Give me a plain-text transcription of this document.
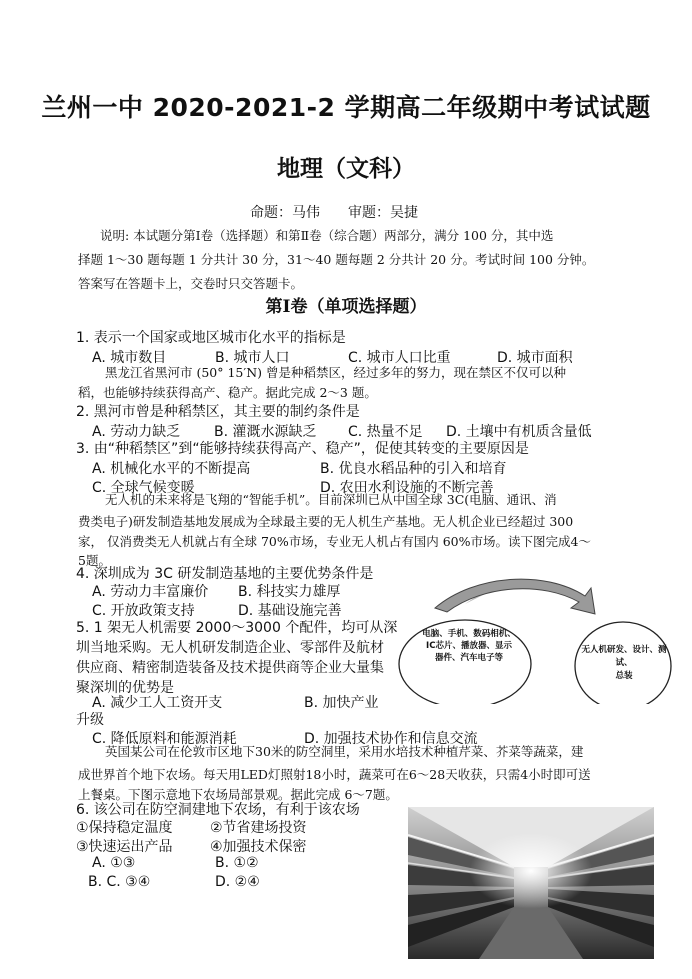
兰州一中 2020-2021-2 学期高二年级期中考试试题
地理（文科）
命题：马伟　　审题：吴捷
说明: 本试题分第Ⅰ卷（选择题）和第Ⅱ卷（综合题）两部分，满分 100 分，其中选
择题 1～30 题每题 1 分共计 30 分，31～40 题每题 2 分共计 20 分。考试时间 100 分钟。
答案写在答题卡上，交卷时只交答题卡。
第Ⅰ卷（单项选择题）
1. 表示一个国家或地区城市化水平的指标是
A. 城市数目	B. 城市人口	C. 城市人口比重	D. 城市面积
黑龙江省黑河市 (50° 15′N) 曾是种稻禁区，经过多年的努力，现在禁区不仅可以种
稻，也能够持续获得高产、稳产。据此完成 2～3 题。
2. 黑河市曾是种稻禁区，其主要的制约条件是
A. 劳动力缺乏 B. 灌溉水源缺乏 C. 热量不足 D. 土壤中有机质含量低
3. 由“种稻禁区”到“能够持续获得高产、稳产”，促使其转变的主要原因是
A. 机械化水平的不断提高	B. 优良水稻品种的引入和培育
C. 全球气候变暖	D. 农田水利设施的不断完善
无人机的未来将是飞翔的“智能手机”。目前深圳已从中国全球 3C(电脑、通讯、消
费类电子)研发制造基地发展成为全球最主要的无人机生产基地。无人机企业已经超过 300
家， 仅消费类无人机就占有全球 70%市场，专业无人机占有国内 60%市场。读下图完成4～
5题。
4. 深圳成为 3C 研发制造基地的主要优势条件是
A. 劳动力丰富廉价 B. 科技实力雄厚
C. 开放政策支持	D. 基础设施完善
5. 1 架无人机需要 2000～3000 个配件，均可从深
圳当地采购。无人机研发制造企业、零部件及航材
供应商、精密制造装备及技术提供商等企业大量集
聚深圳的优势是
A. 减少工人工资开支	B. 加快产业
升级
C. 降低原料和能源消耗	D. 加强技术协作和信息交流
电脑、手机、数码相机、
IC芯片、播放器、显示
器件、汽车电子等
无人机研发、设计、测试、
总装
英国某公司在伦敦市区地下30米的防空洞里，采用水培技术种植芹菜、芥菜等蔬菜，建
成世界首个地下农场。每天用LED灯照射18小时，蔬菜可在6～28天收获，只需4小时即可送
上餐桌。下图示意地下农场局部景观。据此完成 6～7题。
6. 该公司在防空洞建地下农场，有利于该农场
①保持稳定温度	②节省建场投资
③快速运出产品	④加强技术保密
A. ①③	B. ①②
B. C. ③④	D. ②④
